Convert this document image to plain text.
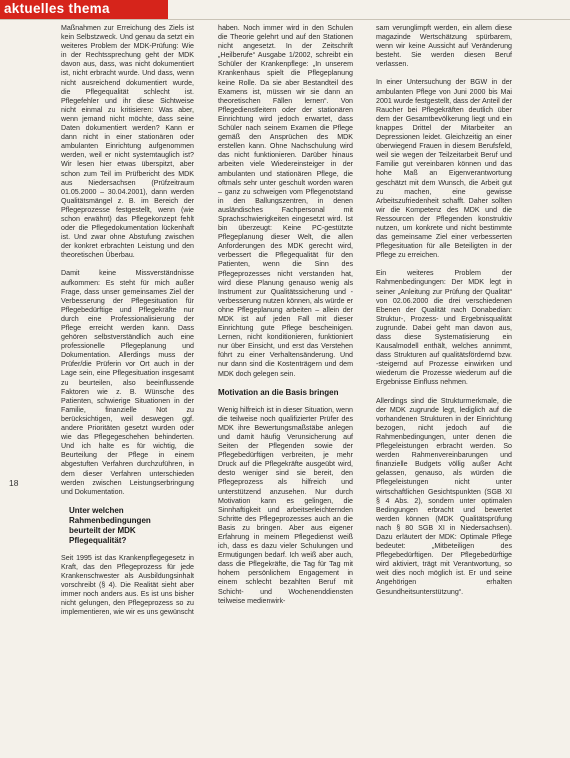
aktuelles thema
18

Maßnahmen zur Erreichung des Ziels ist kein Selbstzweck. Und genau da setzt ein weiteres Problem der MDK-Prüfung: Wie in der Rechtssprechung geht der MDK davon aus, dass, was nicht dokumentiert ist, nicht erbracht wurde. Und dass, wenn nicht ausreichend dokumentiert wurde, die Pflegequalität schlecht ist. Pflegefehler und ihr diese Sichtweise nicht einmal zu kritisieren: Was aber, wenn jemand nicht möchte, dass seine Daten dokumentiert werden? Kann er dann nicht in einer stationären oder ambulanten Einrichtung aufgenommen werden, weil er nicht systemtauglich ist? Wir lesen hier etwas überspitzt, aber schon zum Teil im Prüfbericht des MDK aus Niedersachsen (Prüfzeitraum 01.05.2000 – 30.04.2001), dann werden Qualitätsmängel z. B. im Bereich der Pflegeprozesse festgestellt, wenn (wie schon erwähnt) das Pflegekonzept fehlt oder die Pflegedokumentation lückenhaft ist. Und zwar ohne Abstufung zwischen der konkret erbrachten Leistung und den theoretischen Überbau.

Damit keine Missverständnisse aufkommen: Es steht für mich außer Frage, dass unser gemeinsames Ziel der Verbesserung der Pflegesituation für Pflegebedürftige und Pflegekräfte nur durch eine Professionalisierung der Pflege erreicht werden kann. Dass gehören selbstverständlich auch eine professionelle Pflegeplanung und Dokumentation. Allerdings muss der Prüfer/die Prüferin vor Ort auch in der Lage sein, eine Pflegesituation insgesamt zu beurteilen, also beeinflussende Faktoren wie z. B. Wünsche des Patienten, schwierige Situationen in der Familie, finanzielle Not zu berücksichtigen, weil deswegen ggf. andere Prioritäten gesetzt wurden oder wie das Pflegegeschehen behinderten. Und ich halte es für wichtig, die Beurteilung der Pflege in einem abgestuften Verfahren durchzuführen, in dem dieser Verfahren unterschieden werden zwischen Leistungserbringung und Dokumentation.

Unter welchen Rahmenbedingungen beurteilt der MDK Pflegequalität?

Seit 1995 ist das Krankenpflegegesetz in Kraft, das den Pflegeprozess für jede Krankenschwester als Ausbildungsinhalt vorschreibt (§ 4). Die Realität sieht aber immer noch anders aus. Es ist uns bisher nicht gelungen, den Pflegeprozess so zu implementieren, wie wir es uns gewünscht

haben. Noch immer wird in den Schulen die Theorie gelehrt und auf den Stationen nicht angesetzt. In der Zeitschrift „Heilberufe“ Ausgabe 1/2002, schreibt ein Schüler der Krankenpflege: „In unserem Krankenhaus spielt die Pflegeplanung keine Rolle. Da sie aber Bestandteil des Examens ist, müssen wir sie dann an theoretischen Fällen lernen“. Von Pflegedienstleitern oder der stationären Einrichtung wird jedoch erwartet, dass Schüler nach seinem Examen die Pflege gemäß den Ansprüchen des MDK erstellen kann. Ohne Nachschulung wird das nicht funktionieren. Darüber hinaus arbeiten viele Wiedereinsteiger in der ambulanten und stationären Pflege, die oftmals sehr unter geschult worden waren – ganz zu schweigen vom Pflegenotstand in den Ballungszentren, in denen ausländisches Fachpersonal mit Sprachschwierigkeiten eingesetzt wird. Ist bin überzeugt: Keine PC-gestützte Pflegeplanung dieser Welt, die allen Anforderungen des MDK gerecht wird, verbessert die Pflegequalität für den Patienten, wenn die Sinn des Pflegeprozesses nicht verstanden hat, wird diese Planung genauso wenig als Instrument zur Qualitätssicherung und -verbesserung nutzen können, als würde er ohne Pflegeplanung arbeiten – allein der MDK ist auf jeden Fall mit dieser Einrichtung gute Pflege bescheinigen. Lernen, nicht konditionieren, funktioniert nur über Einsicht, und erst das Verstehen führt zu einer Verhaltensänderung. Und nur dann sind die Kostenträgern und dem MDK doch gelegen sein.

Motivation an die Basis bringen

Wenig hilfreich ist in dieser Situation, wenn die teilweise noch qualifizierter Prüfer des MDK ihre Bewertungsmaßstäbe anlegen und damit häufig Verunsicherung auf Seiten der Pflegenden sowie der Pflegebedürftigen verbreiten, je mehr Druck auf die Pflegekräfte ausgeübt wird, desto weniger sind sie bereit, den Pflegeprozess als hilfreich und unterstützend anzusehen. Nur durch Motivation kann es gelingen, die Sinnhaftigkeit und arbeitserleichternden Schritte des Pflegeprozesses auch an die Basis zu bringen. Aber aus eigener Erfahrung in meinem Pflegedienst weiß ich, dass es dazu vieler Schulungen und Ermutigungen bedarf. Ich weiß aber auch, dass die Pflegekräfte, die Tag für Tag mit hohem persönlichem Engagement in einem schlecht bezahlten Beruf mit Schicht- und Wochenenddiensten teilweise medienwirk-

sam verunglimpft werden, ein allem diese magazinde Wertschätzung spürbarem, wenn wir keine Aussicht auf Veränderung besteht. Sie werden diesen Beruf verlassen.

In einer Untersuchung der BGW in der ambulanten Pflege von Juni 2000 bis Mai 2001 wurde festgestellt, dass der Anteil der Raucher bei Pflegekräften deutlich über dem der Gesamtbevölkerung liegt und ein knappes Drittel der Mitarbeiter an Depressionen leidet. Gleichzeitig an einer überwiegend Frauen in diesem Berufsfeld, weil sie wegen der Teilzeitarbeit Beruf und Familie gut vereinbaren können und das hohe Maß an Eigenverantwortung geschätzt mit dem Wunsch, die Arbeit gut zu machen, eine gewisse Arbeitszufriedenheit schafft. Daher sollten wir die Kompetenz des MDK und die Ressourcen der Pflegenden konstruktiv nutzen, um konkrete und nicht bestimmte das gemeinsame Ziel einer verbesserten Pflegesituation für alle Beteiligten in der Pflege zu erreichen.

Ein weiteres Problem der Rahmenbedingungen: Der MDK legt in seiner „Anleitung zur Prüfung der Qualität“ von 02.06.2000 die drei verschiedenen Ebenen der Qualität nach Donabedian: Struktur-, Prozess- und Ergebnisqualität zugrunde. Dabei geht man davon aus, dass diese Systematisierung ein Kausalmodell enthält, welches annimmt, dass Strukturen auf qualitätsfördernd bzw. -steigernd auf Prozesse einwirken und wiederum die Prozesse wiederum auf die Ergebnisse Einfluss nehmen.

Allerdings sind die Strukturmerkmale, die der MDK zugrunde legt, lediglich auf die vorhandenen Strukturen in der Einrichtung bezogen, nicht jedoch auf die Rahmenbedingungen, unter denen die Pflegeleistungen erbracht werden. So werden Rahmenvereinbarungen und finanzielle Budgets völlig außer Acht gelassen, genauso, als würden die Pflegeleistungen nicht unter wirtschaftlichen Gesichtspunkten (SGB XI § 4 Abs. 2), sondern unter optimalen Bedingungen erbracht und bewertet werden können (MDK Qualitätsprüfung nach § 80 SGB XI in Niedersachsen). Dazu erläutert der MDK: Optimale Pflege bedeutet: „Mitbeteiligen des Pflegebedürftigen. Der Pflegebedürftige wird aktiviert, trägt mit Verantwortung, so weit dies noch möglich ist. Er und seine Angehörigen erhalten Gesundheitsunterstützung“.
